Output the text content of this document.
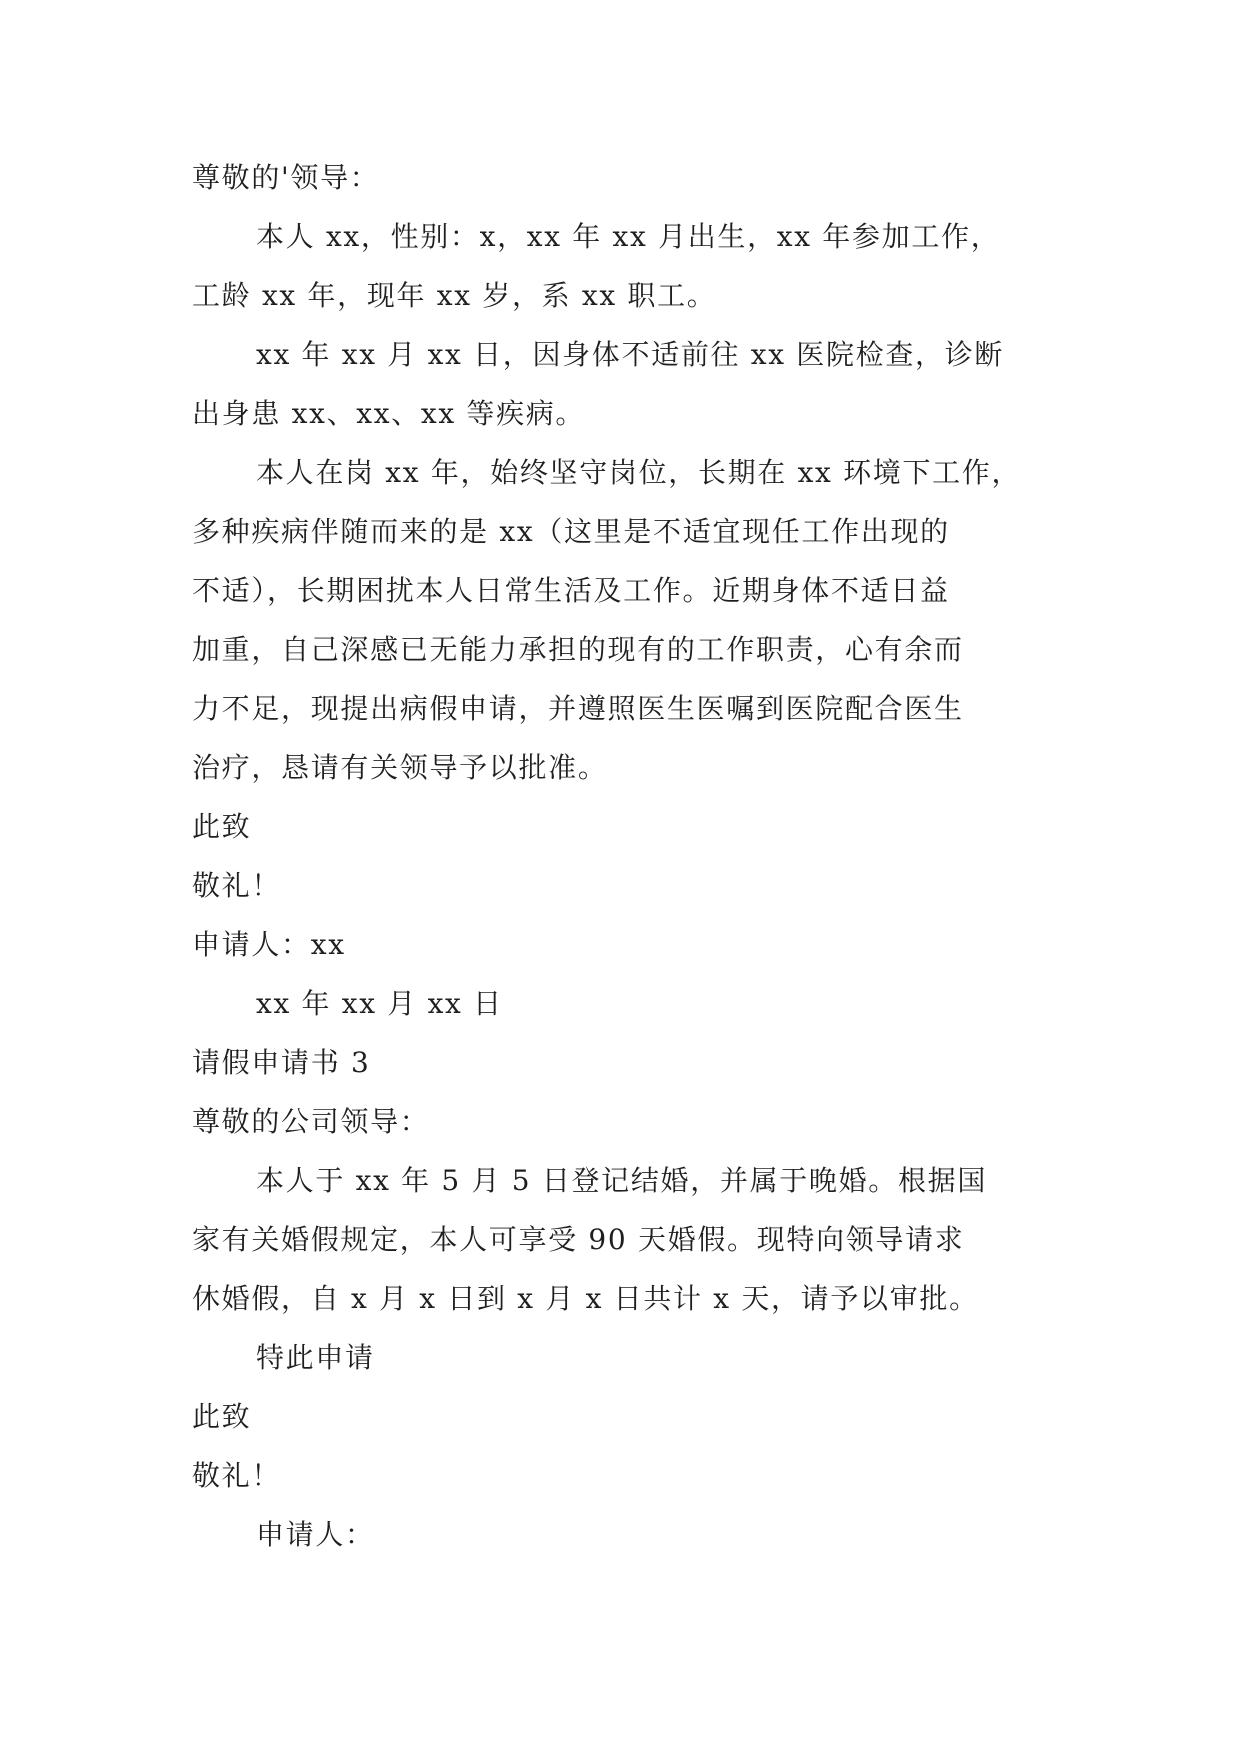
尊敬的'领导：

本人 xx，性别：x，xx 年 xx 月出生，xx 年参加工作，

工龄 xx 年，现年 xx 岁，系 xx 职工。

xx 年 xx 月 xx 日，因身体不适前往 xx 医院检查，诊断

出身患 xx、xx、xx 等疾病。

本人在岗 xx 年，始终坚守岗位，长期在 xx 环境下工作，

多种疾病伴随而来的是 xx（这里是不适宜现任工作出现的

不适），长期困扰本人日常生活及工作。近期身体不适日益

加重，自己深感已无能力承担的现有的工作职责，心有余而

力不足，现提出病假申请，并遵照医生医嘱到医院配合医生

治疗，恳请有关领导予以批准。

此致

敬礼！

申请人：xx

xx 年 xx 月 xx 日

请假申请书 3

尊敬的公司领导：

本人于 xx 年 5 月 5 日登记结婚，并属于晚婚。根据国

家有关婚假规定，本人可享受 90 天婚假。现特向领导请求

休婚假，自 x 月 x 日到 x 月 x 日共计 x 天，请予以审批。

特此申请

此致

敬礼！

申请人：
